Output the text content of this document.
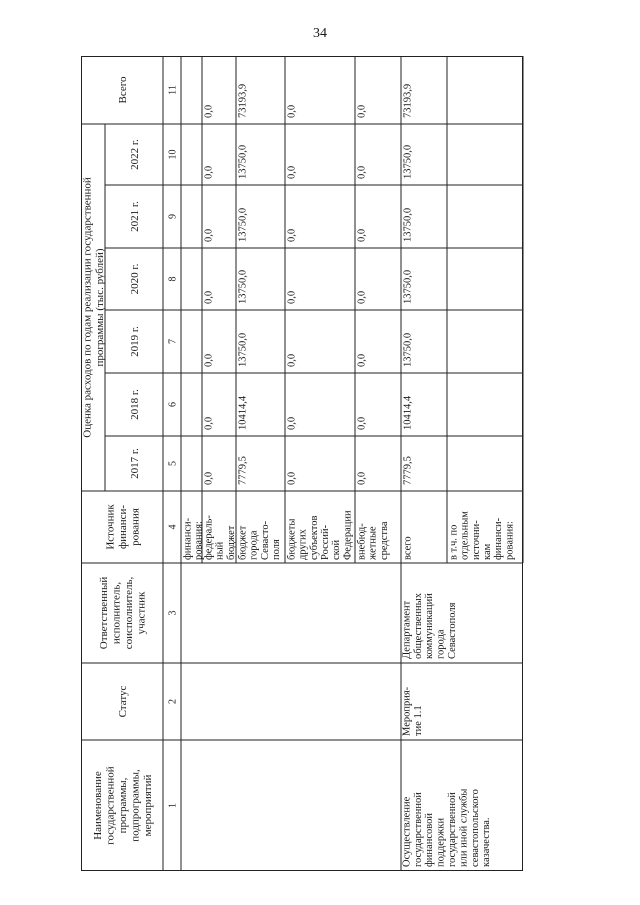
34
Наименование государственной программы, подпрограммы, мероприятий
Статус
Ответственный исполнитель, соисполнитель, участник
Источник финанси- рования
Оценка расходов по годам реализации государственной программы (тыс. рублей)
2017 г.
2018 г.
2019 г.
2020 г.
2021 г.
2022 г.
Всего
1
2
3
4
5
6
7
8
9
10
11
финанси- рования:
федераль- ный бюджет
0,0
0,0
0,0
0,0
0,0
0,0
0,0
бюджет города Севасто- поля
7779,5
10414,4
13750,0
13750,0
13750,0
13750,0
73193,9
бюджеты других субъектов Россий- ской Федерации
0,0
0,0
0,0
0,0
0,0
0,0
0,0
внебюд- жетные средства
0,0
0,0
0,0
0,0
0,0
0,0
0,0
Осуществление государственной финансовой поддержки государственной или иной службы севастопольского казачества.
Мероприя- тие 1.1
Департамент общественных коммуникаций города Севастополя
всего
7779,5
10414,4
13750,0
13750,0
13750,0
13750,0
73193,9
в т.ч. по отдельным источни- кам финанси- рования:
